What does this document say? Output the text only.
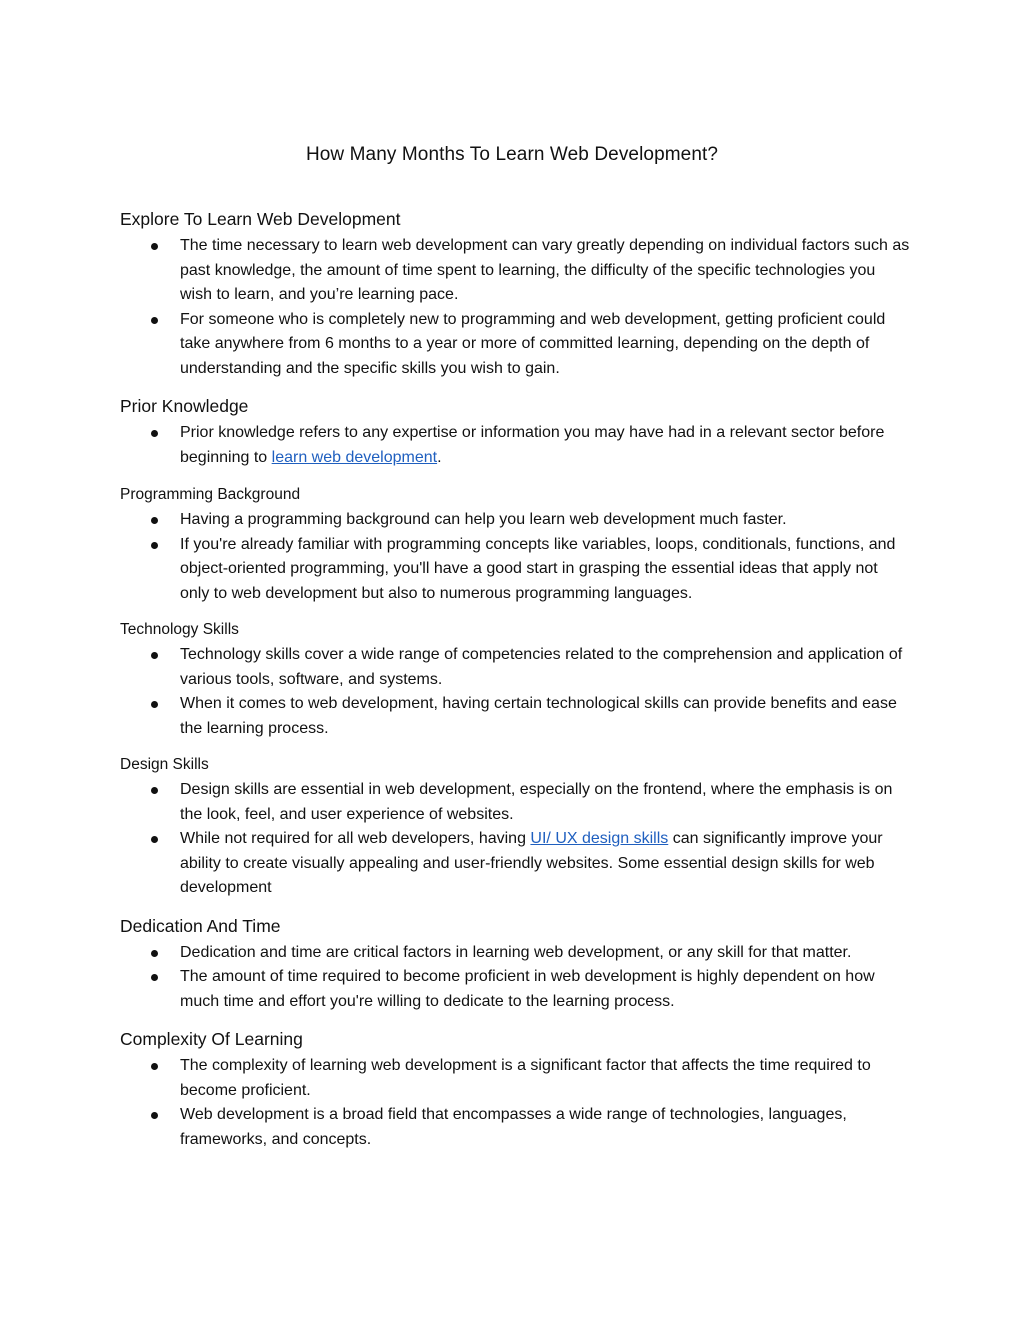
How Many Months To Learn Web Development?
Explore To Learn Web Development
The time necessary to learn web development can vary greatly depending on individual factors such as past knowledge, the amount of time spent to learning, the difficulty of the specific technologies you wish to learn, and you’re learning pace.
For someone who is completely new to programming and web development, getting proficient could take anywhere from 6 months to a year or more of committed learning, depending on the depth of understanding and the specific skills you wish to gain.
Prior Knowledge
Prior knowledge refers to any expertise or information you may have had in a relevant sector before beginning to learn web development.
Programming Background
Having a programming background can help you learn web development much faster.
If you're already familiar with programming concepts like variables, loops, conditionals, functions, and object-oriented programming, you'll have a good start in grasping the essential ideas that apply not only to web development but also to numerous programming languages.
Technology Skills
Technology skills cover a wide range of competencies related to the comprehension and application of various tools, software, and systems.
When it comes to web development, having certain technological skills can provide benefits and ease the learning process.
Design Skills
Design skills are essential in web development, especially on the frontend, where the emphasis is on the look, feel, and user experience of websites.
While not required for all web developers, having UI/ UX design skills can significantly improve your ability to create visually appealing and user-friendly websites. Some essential design skills for web development
Dedication And Time
Dedication and time are critical factors in learning web development, or any skill for that matter.
The amount of time required to become proficient in web development is highly dependent on how much time and effort you're willing to dedicate to the learning process.
Complexity Of Learning
The complexity of learning web development is a significant factor that affects the time required to become proficient.
Web development is a broad field that encompasses a wide range of technologies, languages, frameworks, and concepts.
